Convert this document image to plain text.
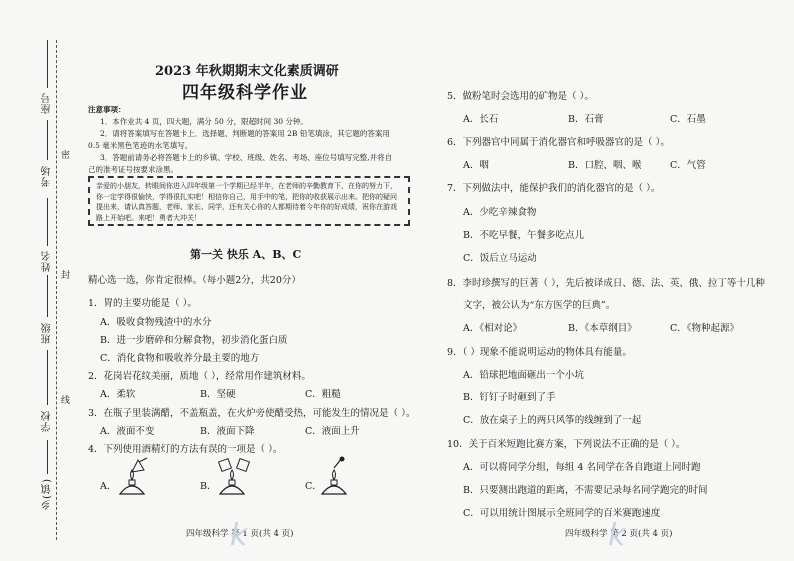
座号
考场
姓名
班级
学校
乡(镇)
密
封
线
2023 年秋期期末文化素质调研
四年级科学作业
注意事项：
1．本作业共 4 页，四大题，满分 50 分，限超时间 30 分钟。
2．请将答案填写在答题卡上．选择题、判断题的答案用 2B 铅笔填涂，其它题的答案用
0.5 毫米黑色笔迹的水笔填写。
3．答题前请务必将答题卡上的乡镇、学校、班级、姓名、考场、座位号填写完整,并将自
己的准考证号按要求涂黑。
亲爱的小朋友，转眼间你进入四年级第一个学期已经半年，在老师的辛勤教育下，在你的努力下，你一定学得很愉快，学得很扎实吧！相信你自己，用手中的笔，把你的收获展示出来。把你的疑问提出来，请认真答题，老师、家长、同学，还有关心你的人都期待着今年你的好成绩，祝你在游戏路上开始吧。来吧！勇者大冲关！
第一关 快乐 A、B、C
精心选一选，你肯定很棒。（每小题2分，共20分）
1．胃的主要功能是（ ）。
A．吸收食物残渣中的水分
B．进一步磨碎和分解食物，初步消化蛋白质
C．消化食物和吸收养分最主要的地方
2．花岗岩花纹美丽，质地（ ），经常用作建筑材料。
A．柔软	B．坚硬	C．粗糙
3．在瓶子里装满醋，不盖瓶盖，在火炉旁使醋受热，可能发生的情况是（ ）。
A．液面不变	B．液面下降	C．液面上升
4．下列使用酒精灯的方法有误的一项是（ ）。
A．	B．	C．
四年级科学 第 1 页(共 4 页)
5．做粉笔时会选用的矿物是（ ）。
A．长石	B．石膏	C．石墨
6．下列器官中同属于消化器官和呼吸器官的是（ ）。
A．咽	B．口腔、咽、喉	C．气管
7．下列做法中，能保护我们的消化器官的是（ ）。
A．少吃辛辣食物
B．不吃早餐，午餐多吃点儿
C．饭后立马运动
8．李时珍撰写的巨著（ ），先后被译成日、德、法、英、俄、拉丁等十几种
文字，被公认为“东方医学的巨典”。
A．《相对论》	B．《本草纲目》	C．《物种起源》
9．（ ）现象不能说明运动的物体具有能量。
A．铅球把地面砸出一个小坑
B．钉钉子时砸到了手
C．放在桌子上的两只风筝的线缠到了一起
10．关于百米短跑比赛方案，下列说法不正确的是（ ）。
A．可以将同学分组，每组 4 名同学在各自跑道上同时跑
B．只要测出跑道的距离，不需要记录每名同学跑完的时间
C．可以用统计图展示全班同学的百米赛跑速度
四年级科学 第 2 页(共 4 页)
k	k
